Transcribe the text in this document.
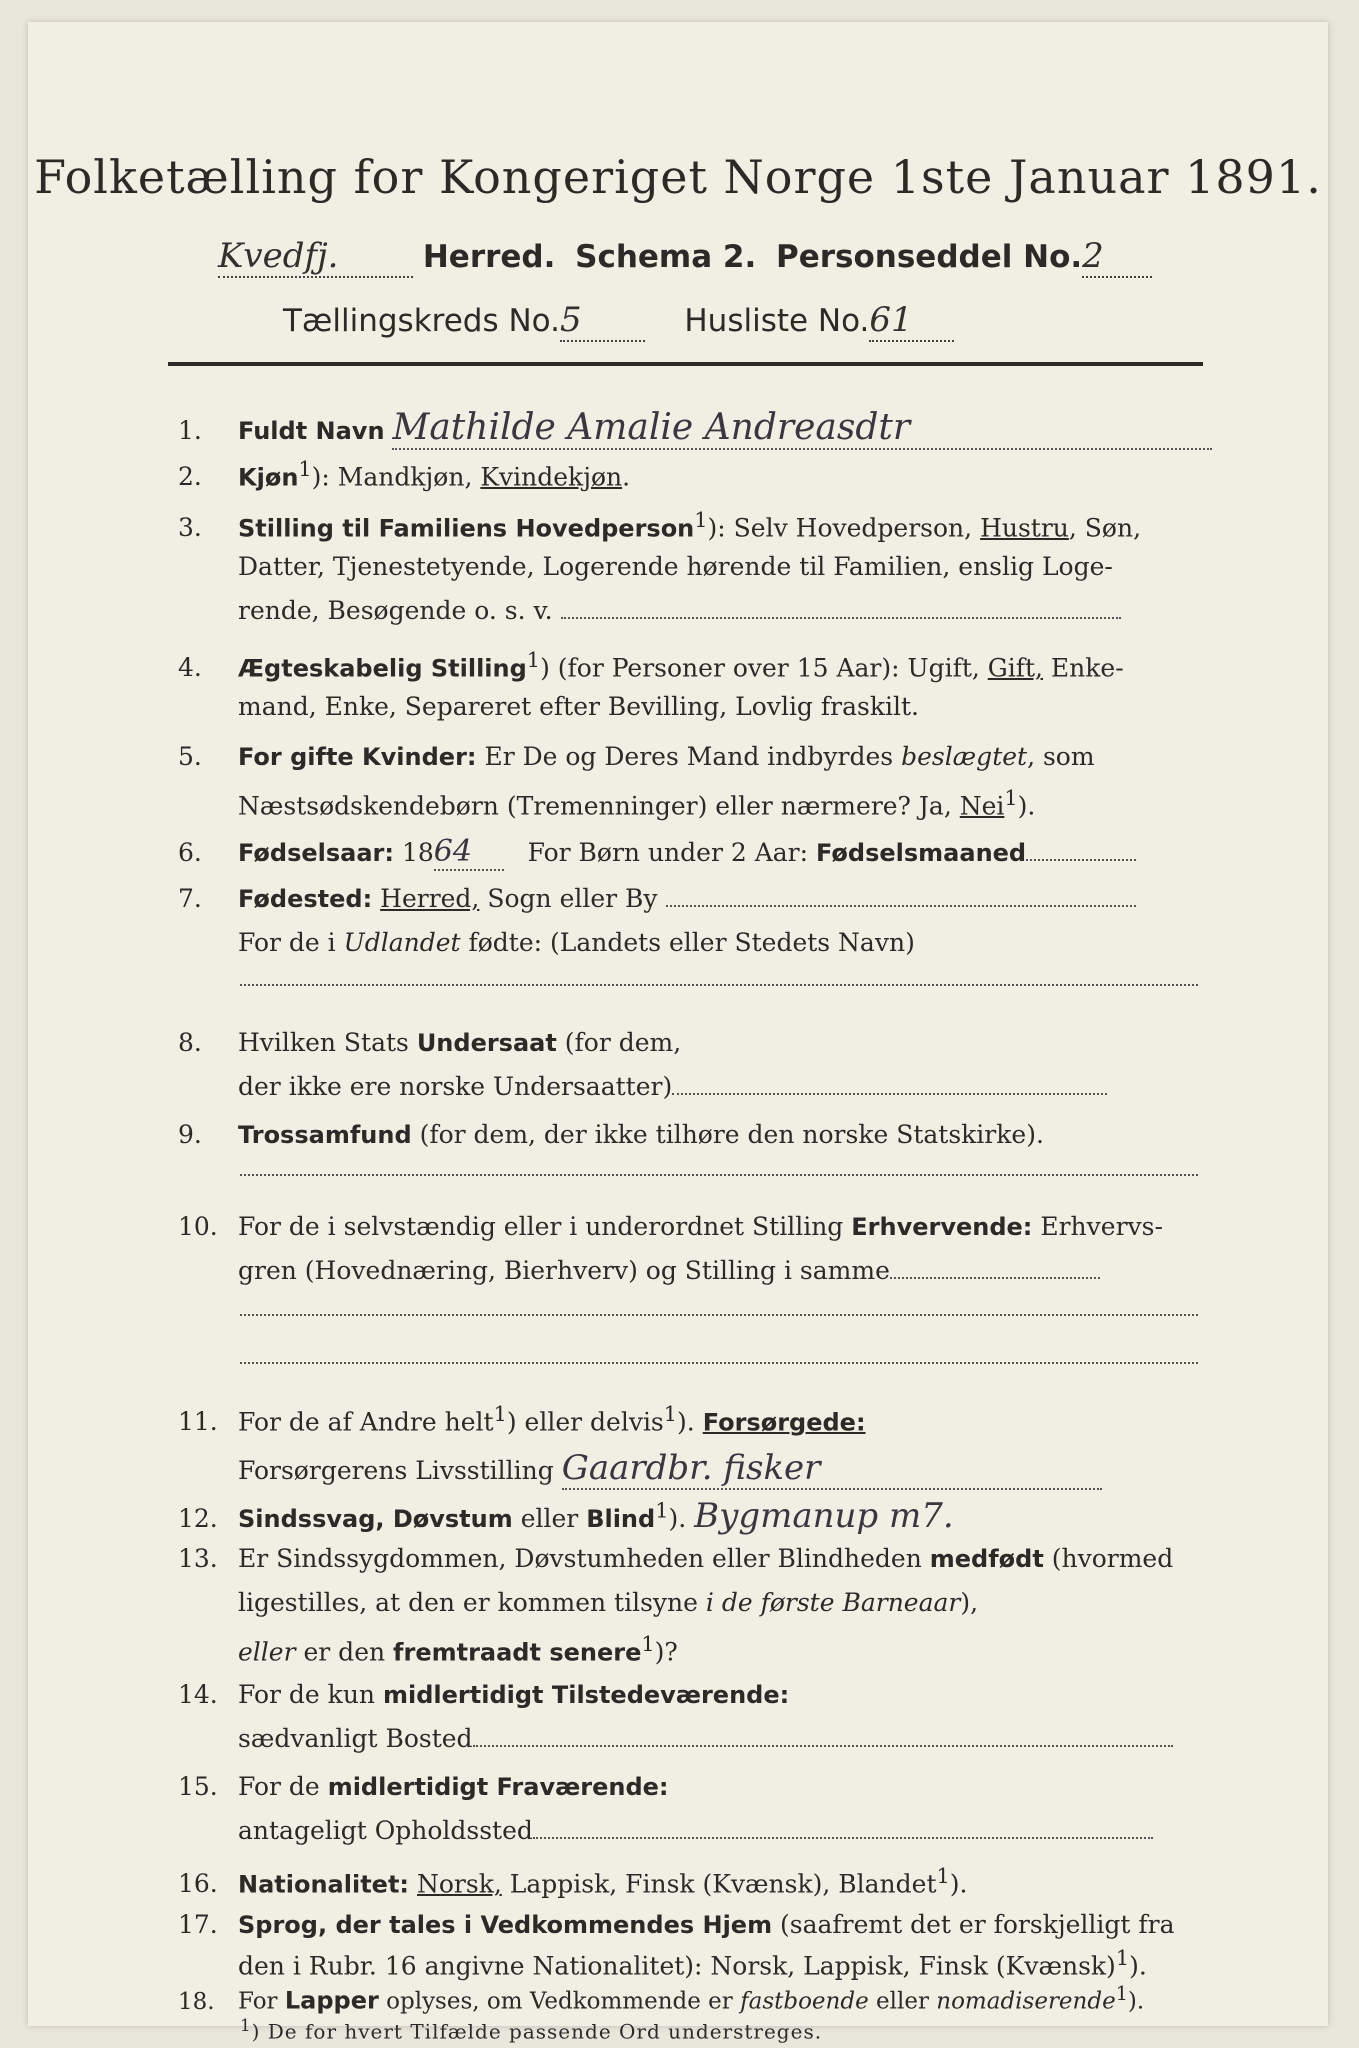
Folketælling for Kongeriget Norge 1ste Januar 1891.
Kvedfj.	Herred. Schema 2. Personseddel No.2
Tællingskreds No.5	Husliste No.61
1. Fuldt Navn Mathilde Amalie Andreasdtr
2. Kjøn$^1$): Mandkjøn, Kvindekjøn.
3. Stilling til Familiens Hovedperson$^1$): Selv Hovedperson, Hustru, Søn,
Datter, Tjenestetyende, Logerende hørende til Familien, enslig Loge-
rende, Besøgende o. s. v.
4. Ægteskabelig Stilling$^1$) (for Personer over 15 Aar): Ugift, Gift, Enke-
mand, Enke, Separeret efter Bevilling, Lovlig fraskilt.
5. For gifte Kvinder: Er De og Deres Mand indbyrdes beslægtet, som
Næstsødskendebørn (Tremenninger) eller nærmere? Ja, Nei$^1$).
6. Fødselsaar: 1864 For Børn under 2 Aar: Fødselsmaaned
7. Fødested: Herred, Sogn eller By
For de i Udlandet fødte: (Landets eller Stedets Navn)
8. Hvilken Stats Undersaat (for dem,
der ikke ere norske Undersaatter)
9. Trossamfund (for dem, der ikke tilhøre den norske Statskirke).
10. For de i selvstændig eller i underordnet Stilling Erhvervende: Erhvervs-
gren (Hovednæring, Bierhverv) og Stilling i samme
11. For de af Andre helt$^1$) eller delvis$^1$). Forsørgede:
Forsørgerens Livsstilling Gaardbr. fisker
12. Sindssvag, Døvstum eller Blind$^1$). Bygmanup m7.
13. Er Sindssygdommen, Døvstumheden eller Blindheden medfødt (hvormed
ligestilles, at den er kommen tilsyne i de første Barneaar),
eller er den fremtraadt senere$^1$)?
14. For de kun midlertidigt Tilstedeværende:
sædvanligt Bosted
15. For de midlertidigt Fraværende:
antageligt Opholdssted
16. Nationalitet: Norsk, Lappisk, Finsk (Kvænsk), Blandet$^1$).
17. Sprog, der tales i Vedkommendes Hjem (saafremt det er forskjelligt fra
den i Rubr. 16 angivne Nationalitet): Norsk, Lappisk, Finsk (Kvænsk)$^1$).
18. For Lapper oplyses, om Vedkommende er fastboende eller nomadiserende$^1$).
$^1$) De for hvert Tilfælde passende Ord understreges.
